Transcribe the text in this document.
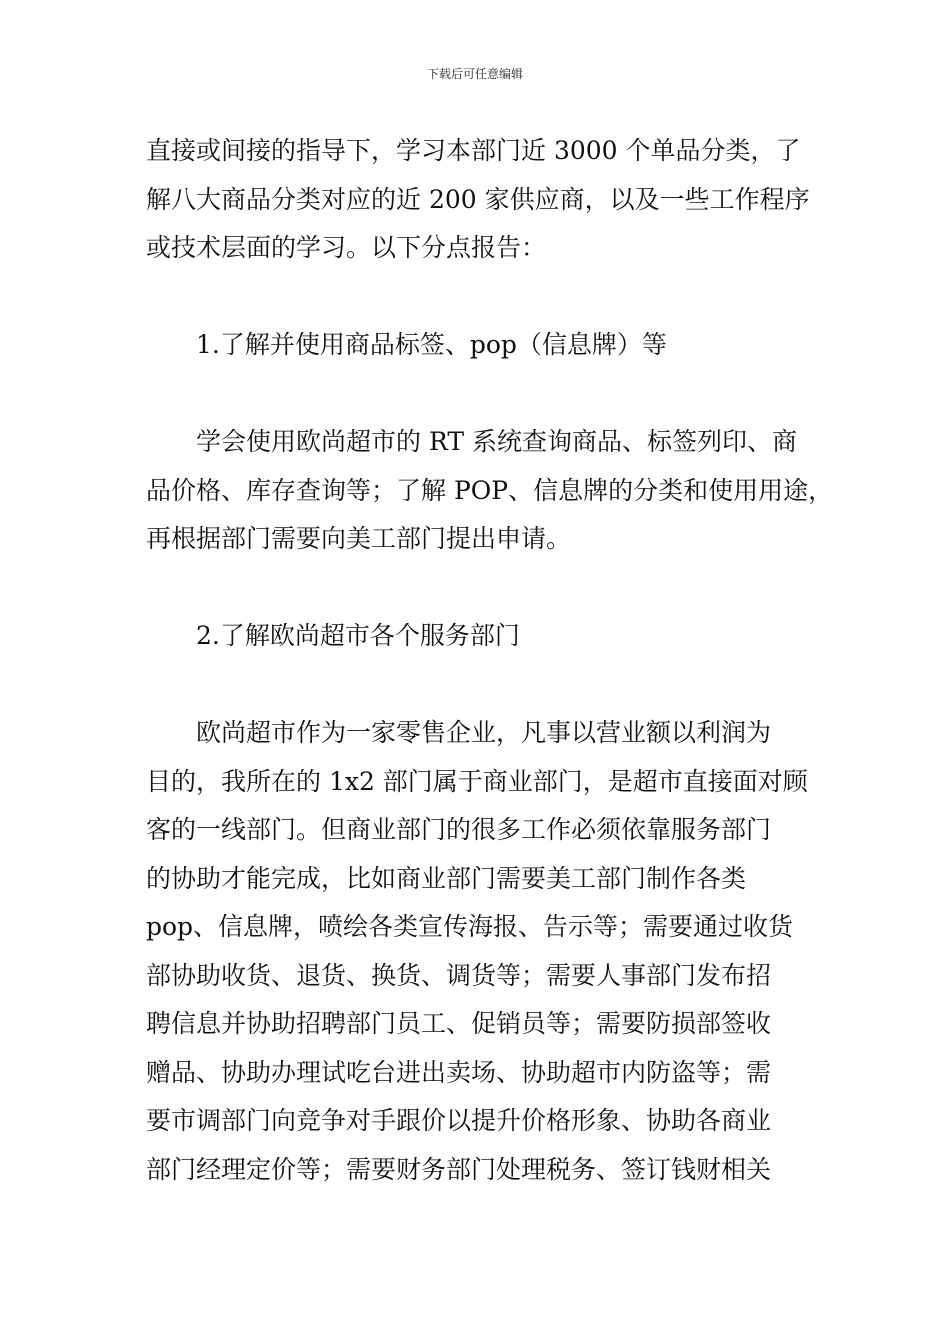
下载后可任意编辑
直接或间接的指导下，学习本部门近 3000 个单品分类，了
解八大商品分类对应的近 200 家供应商，以及一些工作程序
或技术层面的学习。以下分点报告：
1.了解并使用商品标签、pop（信息牌）等
学会使用欧尚超市的 RT 系统查询商品、标签列印、商
品价格、库存查询等；了解 POP、信息牌的分类和使用用途，
再根据部门需要向美工部门提出申请。
2.了解欧尚超市各个服务部门
欧尚超市作为一家零售企业，凡事以营业额以利润为
目的，我所在的 1x2 部门属于商业部门，是超市直接面对顾
客的一线部门。但商业部门的很多工作必须依靠服务部门
的协助才能完成，比如商业部门需要美工部门制作各类
pop、信息牌，喷绘各类宣传海报、告示等；需要通过收货
部协助收货、退货、换货、调货等；需要人事部门发布招
聘信息并协助招聘部门员工、促销员等；需要防损部签收
赠品、协助办理试吃台进出卖场、协助超市内防盗等；需
要市调部门向竞争对手跟价以提升价格形象、协助各商业
部门经理定价等；需要财务部门处理税务、签订钱财相关
